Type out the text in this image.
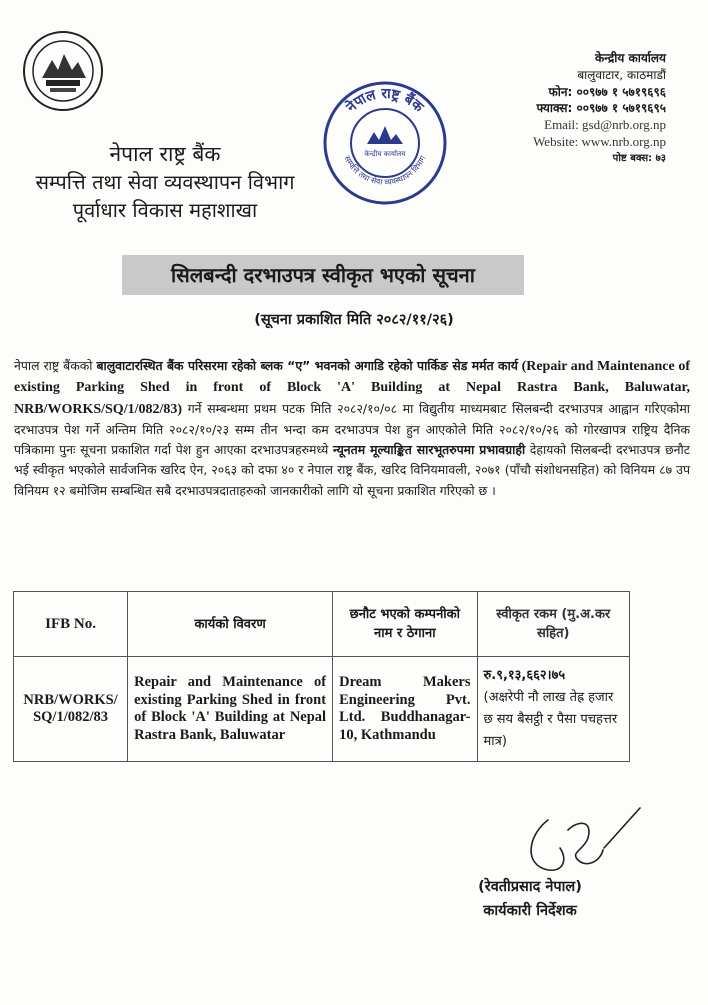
नेपाल राष्ट्र बैंक
सम्पत्ति तथा सेवा व्यवस्थापन विभाग
पूर्वाधार विकास महाशाखा
नेपाल राष्ट्र बैंक
सम्पत्ति तथा सेवा व्यवस्थापन विभाग
केन्द्रीय कार्यालय
केन्द्रीय कार्यालय
बालुवाटार, काठमाडौं
फोन: ००९७७ १ ५७१९६९६
फ्याक्स: ००९७७ १ ५७१९६९५
Email: gsd@nrb.org.np
Website: www.nrb.org.np
पोष्ट बक्स: ७३
सिलबन्दी दरभाउपत्र स्वीकृत भएको सूचना
(सूचना प्रकाशित मिति २०८२/११/२६)
नेपाल राष्ट्र बैंकको बालुवाटारस्थित बैंक परिसरमा रहेको ब्लक “ए” भवनको अगाडि रहेको पार्किङ सेड मर्मत कार्य (Repair and Maintenance of existing Parking Shed in front of Block 'A' Building at Nepal Rastra Bank, Baluwatar, NRB/WORKS/SQ/1/082/83) गर्ने सम्बन्धमा प्रथम पटक मिति २०८२/१०/०८ मा विद्युतीय माध्यमबाट सिलबन्दी दरभाउपत्र आह्वान गरिएकोमा दरभाउपत्र पेश गर्ने अन्तिम मिति २०८२/१०/२३ सम्म तीन भन्दा कम दरभाउपत्र पेश हुन आएकोले मिति २०८२/१०/२६ को गोरखापत्र राष्ट्रिय दैनिक पत्रिकामा पुनः सूचना प्रकाशित गर्दा पेश हुन आएका दरभाउपत्रहरुमध्ये न्यूनतम मूल्याङ्कित सारभूतरुपमा प्रभावग्राही देहायको सिलबन्दी दरभाउपत्र छनौट भई स्वीकृत भएकोले सार्वजनिक खरिद ऐन, २०६३ को दफा ४० र नेपाल राष्ट्र बैंक, खरिद विनियमावली, २०७१ (पाँचौ संशोधनसहित) को विनियम ८७ उप विनियम १२ बमोजिम सम्बन्धित सबै दरभाउपत्रदाताहरुको जानकारीको लागि यो सूचना प्रकाशित गरिएको छ ।
IFB No.	कार्यको विवरण	छनौट भएको कम्पनीको नाम र ठेगाना	स्वीकृत रकम (मु.अ.कर सहित)
NRB/WORKS/ SQ/1/082/83	Repair and Maintenance of existing Parking Shed in front of Block 'A' Building at Nepal Rastra Bank, Baluwatar	Dream Makers Engineering Pvt. Ltd. Buddhanagar-10, Kathmandu	रु.९,१३,६६२।७५
(अक्षरेपी नौ लाख तेह्र हजार छ सय बैसट्ठी र पैसा पचहत्तर मात्र)
(रेवतीप्रसाद नेपाल)
कार्यकारी निर्देशक
